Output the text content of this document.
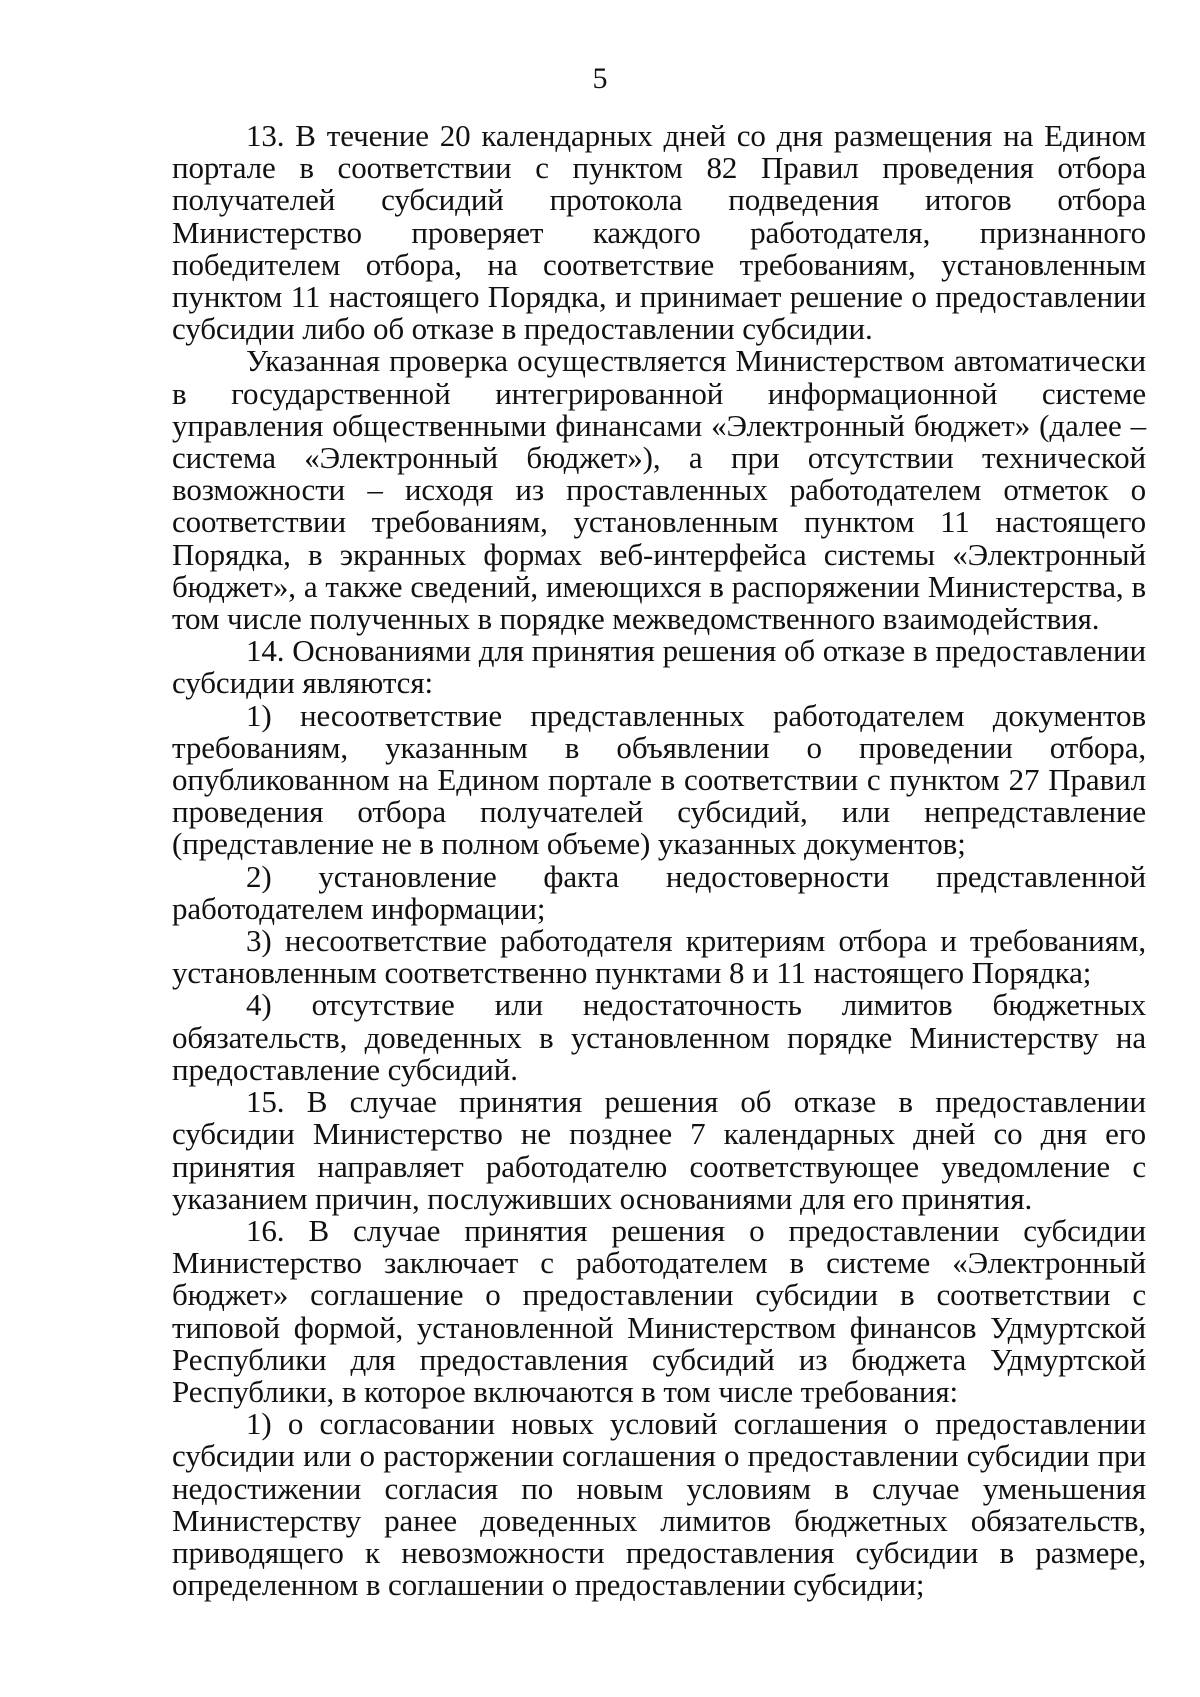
5

13. В течение 20 календарных дней со дня размещения на Едином портале в соответствии с пунктом 82 Правил проведения отбора получателей субсидий протокола подведения итогов отбора Министерство проверяет каждого работодателя, признанного победителем отбора, на соответствие требованиям, установленным пунктом 11 настоящего Порядка, и принимает решение о предоставлении субсидии либо об отказе в предоставлении субсидии.

Указанная проверка осуществляется Министерством автоматически в государственной интегрированной информационной системе управления общественными финансами «Электронный бюджет» (далее – система «Электронный бюджет»), а при отсутствии технической возможности – исходя из проставленных работодателем отметок о соответствии требованиям, установленным пунктом 11 настоящего Порядка, в экранных формах веб-интерфейса системы «Электронный бюджет», а также сведений, имеющихся в распоряжении Министерства, в том числе полученных в порядке межведомственного взаимодействия.

14. Основаниями для принятия решения об отказе в предоставлении субсидии являются:

1) несоответствие представленных работодателем документов требованиям, указанным в объявлении о проведении отбора, опубликованном на Едином портале в соответствии с пунктом 27 Правил проведения отбора получателей субсидий, или непредставление (представление не в полном объеме) указанных документов;

2) установление факта недостоверности представленной работодателем информации;

3) несоответствие работодателя критериям отбора и требованиям, установленным соответственно пунктами 8 и 11 настоящего Порядка;

4) отсутствие или недостаточность лимитов бюджетных обязательств, доведенных в установленном порядке Министерству на предоставление субсидий.

15. В случае принятия решения об отказе в предоставлении субсидии Министерство не позднее 7 календарных дней со дня его принятия направляет работодателю соответствующее уведомление с указанием причин, послуживших основаниями для его принятия.

16. В случае принятия решения о предоставлении субсидии Министерство заключает с работодателем в системе «Электронный бюджет» соглашение о предоставлении субсидии в соответствии с типовой формой, установленной Министерством финансов Удмуртской Республики для предоставления субсидий из бюджета Удмуртской Республики, в которое включаются в том числе требования:

1) о согласовании новых условий соглашения о предоставлении субсидии или о расторжении соглашения о предоставлении субсидии при недостижении согласия по новым условиям в случае уменьшения Министерству ранее доведенных лимитов бюджетных обязательств, приводящего к невозможности предоставления субсидии в размере, определенном в соглашении о предоставлении субсидии;
